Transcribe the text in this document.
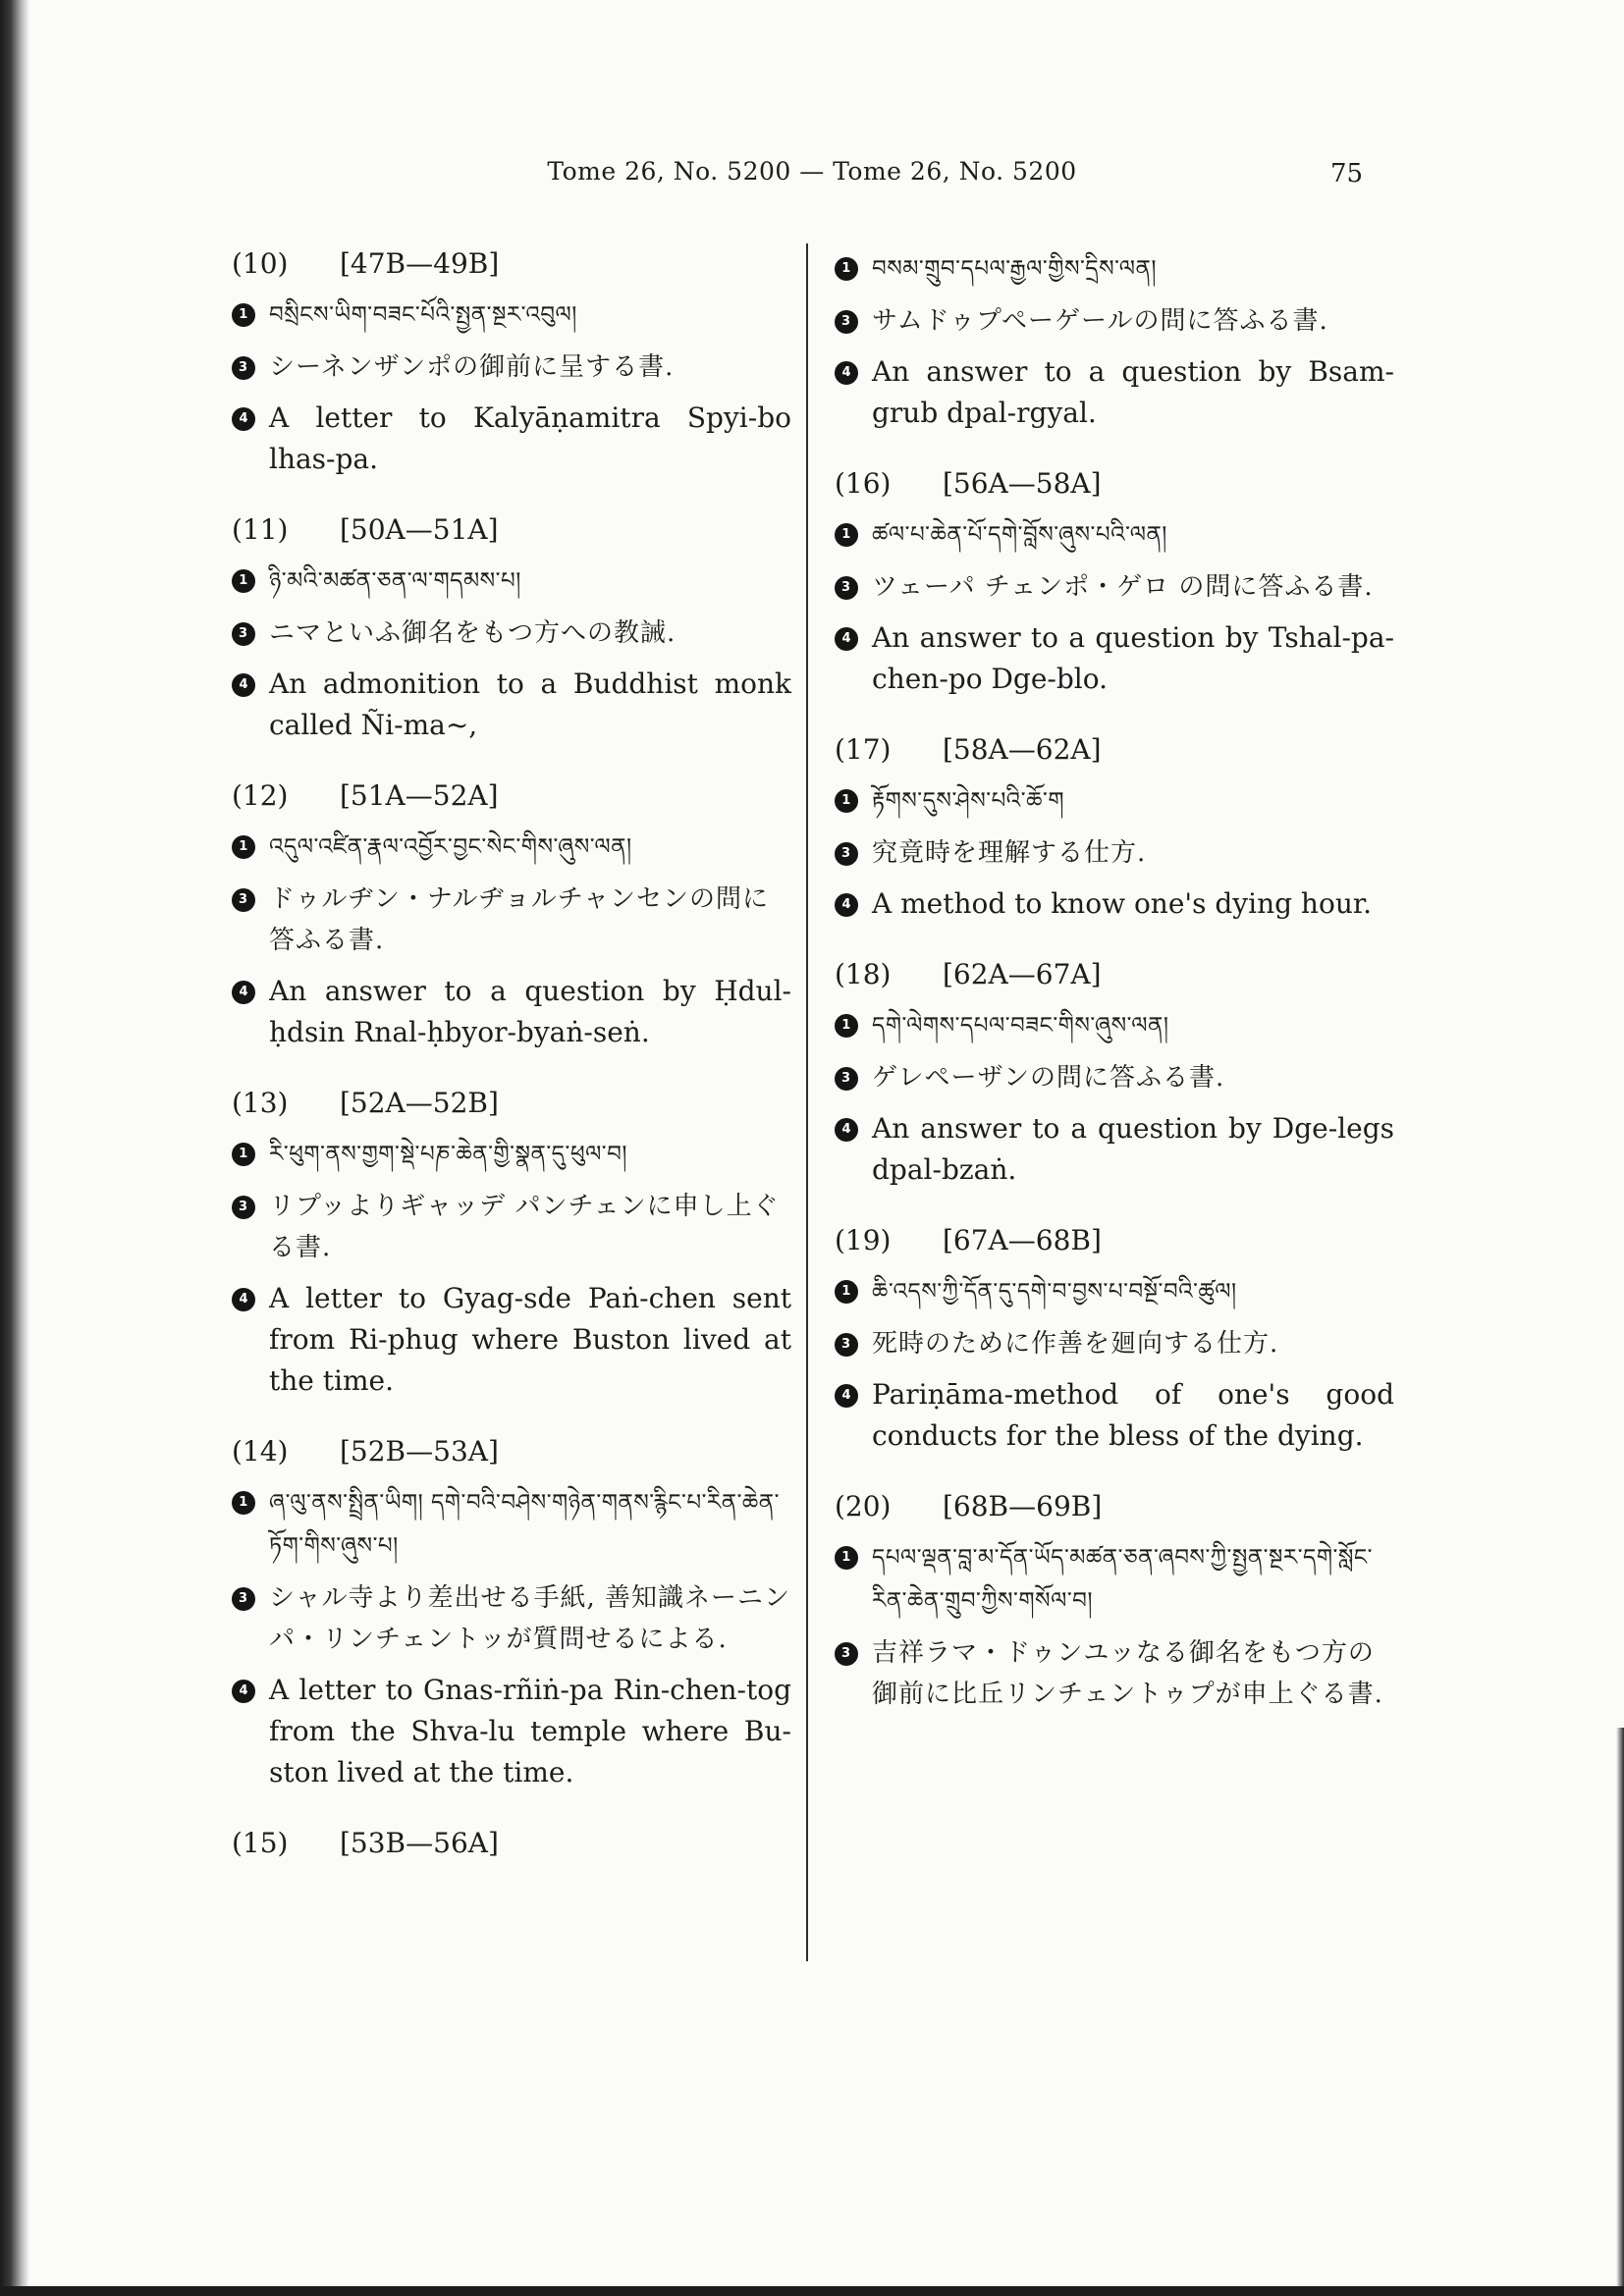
Tome 26, No. 5200 — Tome 26, No. 5200	75
(10) [47B—49B]
1 བསྲིངས་ཡིག་བཟང་པོའི་སྤྱན་སྔར་འབུལ།
3 シーネンザンポの御前に呈する書.
4 A letter to Kalyāṇamitra Spyi-bo lhas-pa.
(11) [50A—51A]
1 ཉི་མའི་མཚན་ཅན་ལ་གདམས་པ།
3 ニマといふ御名をもつ方への教誡.
4 An admonition to a Buddhist monk called Ñi-ma~,
(12) [51A—52A]
1 འདུལ་འཛིན་རྣལ་འབྱོར་བྱང་སེང་གིས་ཞུས་ལན།
3 ドゥルヂン・ナルヂョルチャンセンの問に答ふる書.
4 An answer to a question by Ḥdul-ḥdsin Rnal-ḥbyor-byaṅ-seṅ.
(13) [52A—52B]
1 རི་ཕུག་ནས་གྱག་སྡེ་པཎ་ཆེན་གྱི་སྣན་དུ་ཕུལ་བ།
3 リプッよりギャッデ パンチェンに申し上ぐる書.
4 A letter to Gyag-sde Paṅ-chen sent from Ri-phug where Buston lived at the time.
(14) [52B—53A]
1 ཞ་ལུ་ནས་སྤྲིན་ཡིག། དགེ་བའི་བཤེས་གཉེན་གནས་རྙིང་པ་རིན་ཆེན་ཏོག་གིས་ཞུས་པ།
3 シャル寺より差出せる手紙, 善知識ネーニンパ・リンチェントッが質問せるによる.
4 A letter to Gnas-rñiṅ-pa Rin-chen-tog from the Shva-lu temple where Bu-ston lived at the time.
(15) [53B—56A]
1 བསམ་གྲུབ་དཔལ་རྒྱལ་གྱིས་དྲིས་ལན།
3 サムドゥプペーゲールの問に答ふる書.
4 An answer to a question by Bsam-grub dpal-rgyal.
(16) [56A—58A]
1 ཚལ་པ་ཆེན་པོ་དགེ་བློས་ཞུས་པའི་ལན།
3 ツェーパ チェンポ・ゲロ の問に答ふる書.
4 An answer to a question by Tshal-pa-chen-po Dge-blo.
(17) [58A—62A]
1 རྟོགས་དུས་ཤེས་པའི་ཆོ་ག
3 究竟時を理解する仕方.
4 A method to know one's dying hour.
(18) [62A—67A]
1 དགེ་ལེགས་དཔལ་བཟང་གིས་ཞུས་ལན།
3 ゲレペーザンの問に答ふる書.
4 An answer to a question by Dge-legs dpal-bzaṅ.
(19) [67A—68B]
1 ཆི་འདས་ཀྱི་དོན་དུ་དགེ་བ་བྱས་པ་བསྔོ་བའི་ཚུལ།
3 死時のために作善を廻向する仕方.
4 Pariṇāma-method of one's good conducts for the bless of the dying.
(20) [68B—69B]
1 དཔལ་ལྡན་བླ་མ་དོན་ཡོད་མཚན་ཅན་ཞབས་ཀྱི་སྤྱན་སྔར་དགེ་སློང་རིན་ཆེན་གྲུབ་ཀྱིས་གསོལ་བ།
3 吉祥ラマ・ドゥンユッなる御名をもつ方の御前に比丘リンチェントゥプが申上ぐる書.
